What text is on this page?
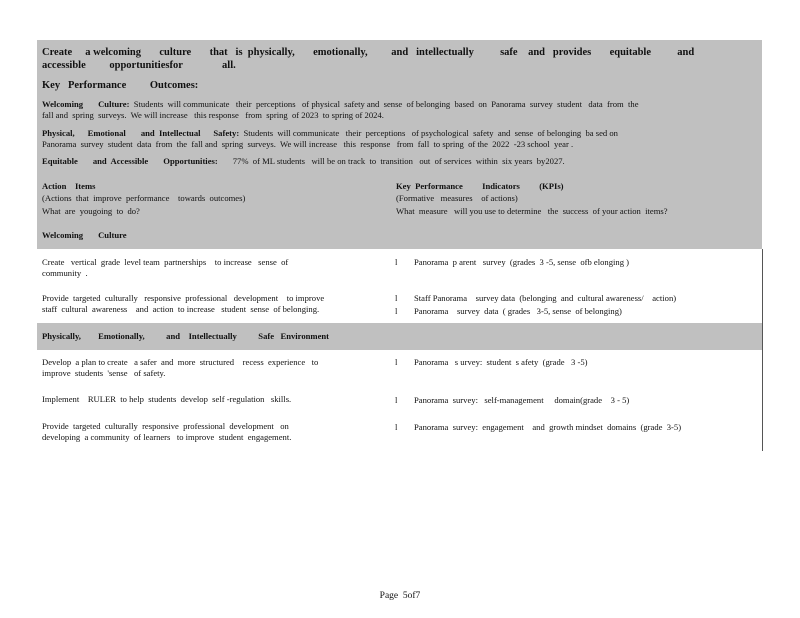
Create     a welcoming       culture       that   is  physically,       emotionally,         and   intellectually          safe    and   provides       equitable          and
accessible         opportunitiesfor               all.
Key   Performance         Outcomes:
Welcoming       Culture:  Students  will communicate   their  perceptions   of physical  safety and  sense  of belonging  based  on  Panorama  survey  student   data  from  the
fall and  spring  surveys.  We will increase   this response   from  spring  of 2023  to spring of 2024.
Physical,      Emotional       and  Intellectual      Safety:  Students  will communicate   their  perceptions   of psychological  safety  and  sense  of belonging  ba sed on
Panorama  survey  student  data  from  the  fall and  spring  surveys.  We will increase   this  response   from  fall  to spring  of the  2022  -23 school  year .
Equitable       and  Accessible       Opportunities:       77%  of ML students   will be on track  to  transition   out  of services  within  six years  by2027.
Action    Items
(Actions  that  improve  performance    towards  outcomes)
What  are  yougoing  to  do?
Key  Performance         Indicators         (KPIs)
(Formative   measures    of actions)
What  measure   will you use to determine   the  success  of your action  items?
Welcoming       Culture
Create   vertical  grade  level team  partnerships    to increase   sense  of
community  .
l Panorama  p arent   survey  (grades  3 -5, sense  ofb elonging )
Provide  targeted  culturally   responsive  professional   development    to improve
staff  cultural  awareness    and  action  to increase   student  sense  of belonging.
l Staff Panorama    survey data  (belonging  and  cultural awareness/    action)
l Panorama    survey  data  ( grades   3-5, sense  of belonging)
Physically,        Emotionally,          and    Intellectually          Safe   Environment
Develop  a plan to create   a safer  and  more  structured    recess  experience   to
improve  students  'sense   of safety.
l Panorama   s urvey:  student  s afety  (grade   3 -5)
Implement    RULER  to help  students  develop  self -regulation   skills.	l Panorama  survey:   self-management     domain(grade    3 - 5)
Provide  targeted  culturally  responsive  professional  development   on
developing  a community  of learners   to improve  student  engagement.
l Panorama  survey:  engagement    and  growth mindset  domains  (grade  3-5)
Page  5of7
